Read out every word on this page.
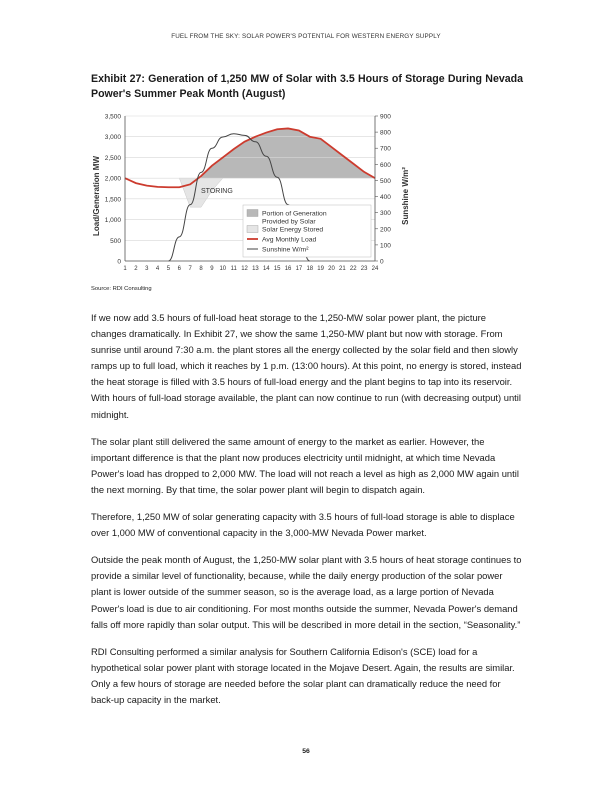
FUEL FROM THE SKY: SOLAR POWER'S POTENTIAL FOR WESTERN ENERGY SUPPLY
Exhibit 27: Generation of 1,250 MW of Solar with 3.5 Hours of Storage During Nevada Power's Summer Peak Month (August)
0
500
1,000
1,500
2,000
2,500
3,000
3,500
0
100
200
300
400
500
600
700
800
900
1 2 3 4 5 6 7 8 9 10 11 12 13 14 15 16 17 18 19 20 21 22 23 24
Load/Generation MW	Sunshine W/m²
STORING
Portion of Generation Provided by Solar
Solar Energy Stored
Avg Monthly Load
Sunshine W/m²
Source: RDI Consulting

If we now add 3.5 hours of full-load heat storage to the 1,250-MW solar power plant, the picture changes dramatically. In Exhibit 27, we show the same 1,250-MW plant but now with storage. From sunrise until around 7:30 a.m. the plant stores all the energy collected by the solar field and then slowly ramps up to full load, which it reaches by 1 p.m. (13:00 hours). At this point, no energy is stored, instead the heat storage is filled with 3.5 hours of full-load energy and the plant begins to tap into its reservoir. With hours of full-load storage available, the plant can now continue to run (with decreasing output) until midnight.

The solar plant still delivered the same amount of energy to the market as earlier. However, the important difference is that the plant now produces electricity until midnight, at which time Nevada Power's load has dropped to 2,000 MW. The load will not reach a level as high as 2,000 MW again until the next morning. By that time, the solar power plant will begin to dispatch again.

Therefore, 1,250 MW of solar generating capacity with 3.5 hours of full-load storage is able to displace over 1,000 MW of conventional capacity in the 3,000-MW Nevada Power market.

Outside the peak month of August, the 1,250-MW solar plant with 3.5 hours of heat storage continues to provide a similar level of functionality, because, while the daily energy production of the solar power plant is lower outside of the summer season, so is the average load, as a large portion of Nevada Power's load is due to air conditioning. For most months outside the summer, Nevada Power's demand falls off more rapidly than solar output. This will be described in more detail in the section, “Seasonality.”

RDI Consulting performed a similar analysis for Southern California Edison's (SCE) load for a hypothetical solar power plant with storage located in the Mojave Desert. Again, the results are similar. Only a few hours of storage are needed before the solar plant can dramatically reduce the need for back-up capacity in the market.

56
